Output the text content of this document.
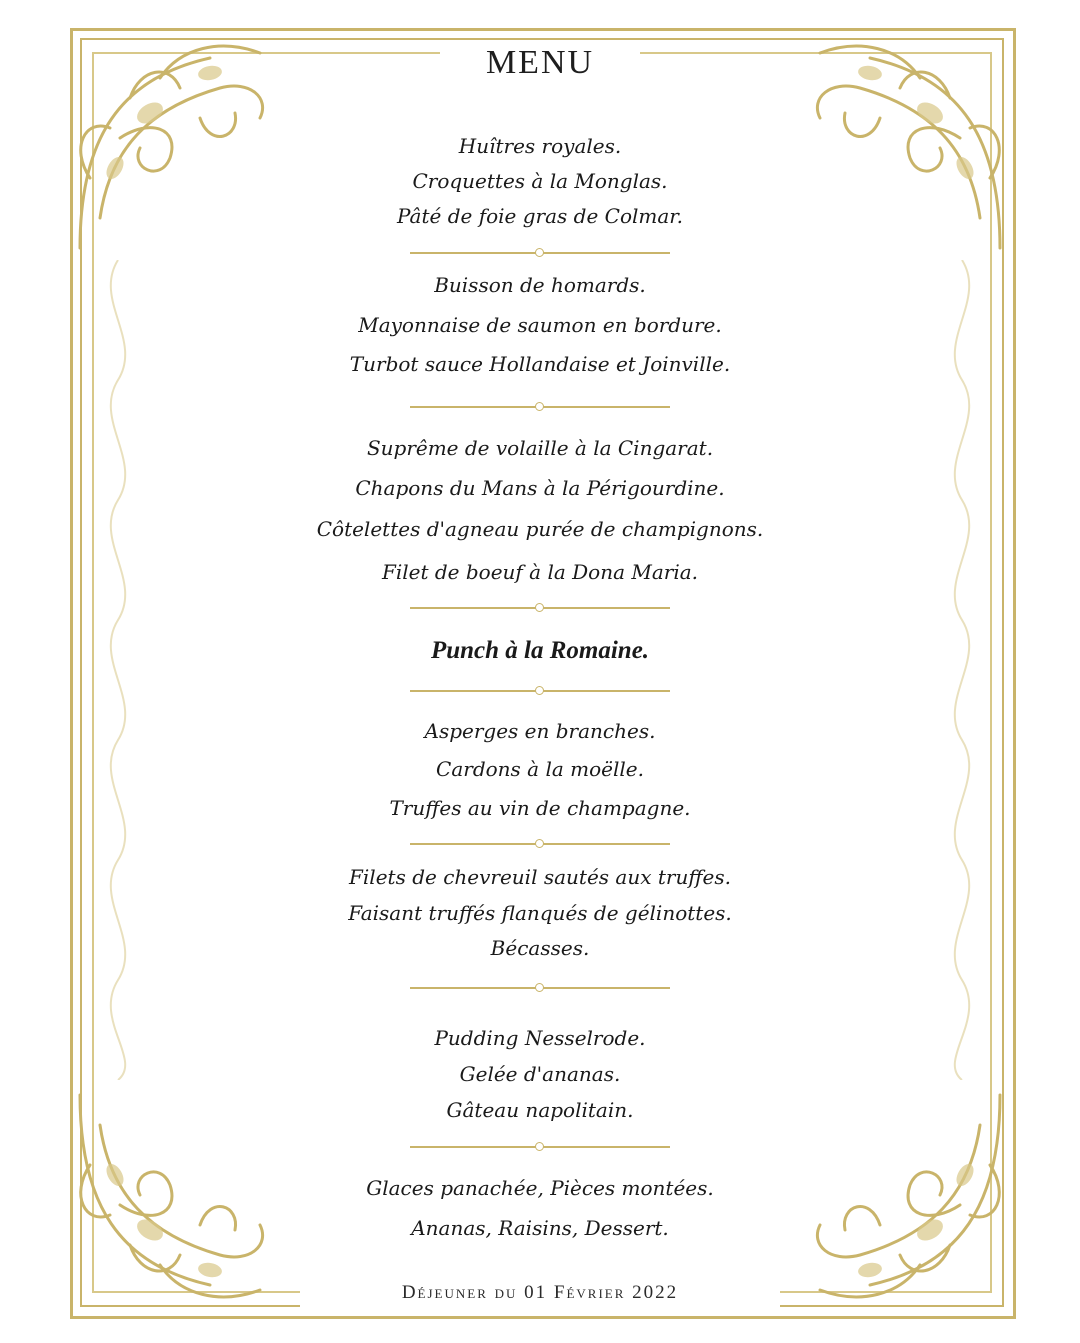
MENU
Huîtres royales.
Croquettes à la Monglas.
Pâté de foie gras de Colmar.
Buisson de homards.
Mayonnaise de saumon en bordure.
Turbot sauce Hollandaise et Joinville.
Suprême de volaille à la Cingarat.
Chapons du Mans à la Périgourdine.
Côtelettes d'agneau purée de champignons.
Filet de boeuf à la Dona Maria.
Punch à la Romaine.
Asperges en branches.
Cardons à la moëlle.
Truffes au vin de champagne.
Filets de chevreuil sautés aux truffes.
Faisant truffés flanqués de gélinottes.
Bécasses.
Pudding Nesselrode.
Gelée d'ananas.
Gâteau napolitain.
Glaces panachée, Pièces montées.
Ananas, Raisins, Dessert.
Déjeuner du 01 Février 2022
